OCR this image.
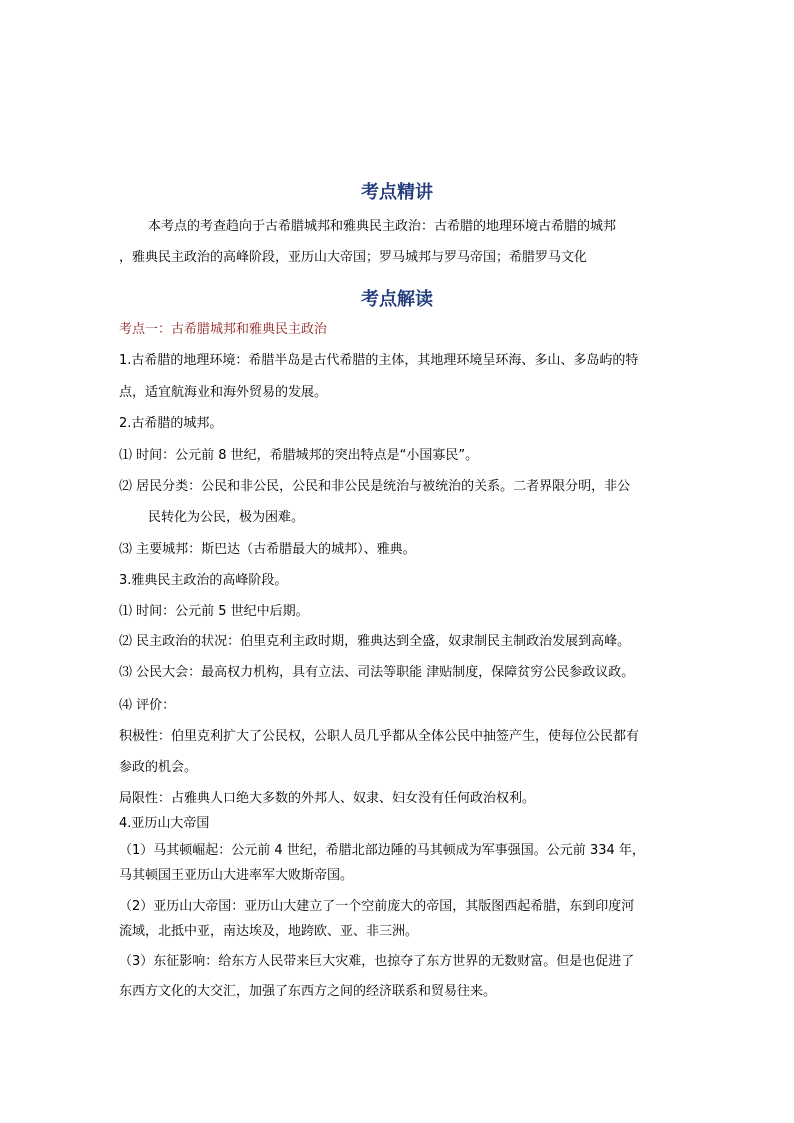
考点精讲
本考点的考查趋向于古希腊城邦和雅典民主政治：古希腊的地理环境古希腊的城邦
，雅典民主政治的高峰阶段，亚历山大帝国；罗马城邦与罗马帝国；希腊罗马文化
考点解读
考点一：古希腊城邦和雅典民主政治
1.古希腊的地理环境：希腊半岛是古代希腊的主体，其地理环境呈环海、多山、多岛屿的特
点，适宜航海业和海外贸易的发展。
2.古希腊的城邦。
⑴ 时间：公元前 8 世纪，希腊城邦的突出特点是“小国寡民”。
⑵ 居民分类：公民和非公民，公民和非公民是统治与被统治的关系。二者界限分明，非公
民转化为公民，极为困难。
⑶ 主要城邦：斯巴达（古希腊最大的城邦）、雅典。
3.雅典民主政治的高峰阶段。
⑴ 时间：公元前 5 世纪中后期。
⑵ 民主政治的状况：伯里克利主政时期，雅典达到全盛，奴隶制民主制政治发展到高峰。
⑶ 公民大会：最高权力机构，具有立法、司法等职能 津贴制度，保障贫穷公民参政议政。
⑷ 评价：
积极性：伯里克利扩大了公民权，公职人员几乎都从全体公民中抽签产生，使每位公民都有
参政的机会。
局限性：占雅典人口绝大多数的外邦人、奴隶、妇女没有任何政治权利。
4.亚历山大帝国
（1）马其顿崛起：公元前 4 世纪，希腊北部边陲的马其顿成为军事强国。公元前 334 年，
马其顿国王亚历山大进率军大败斯帝国。
（2）亚历山大帝国：亚历山大建立了一个空前庞大的帝国，其版图西起希腊，东到印度河
流域，北抵中亚，南达埃及，地跨欧、亚、非三洲。
（3）东征影响：给东方人民带来巨大灾难，也掠夺了东方世界的无数财富。但是也促进了
东西方文化的大交汇，加强了东西方之间的经济联系和贸易往来。
